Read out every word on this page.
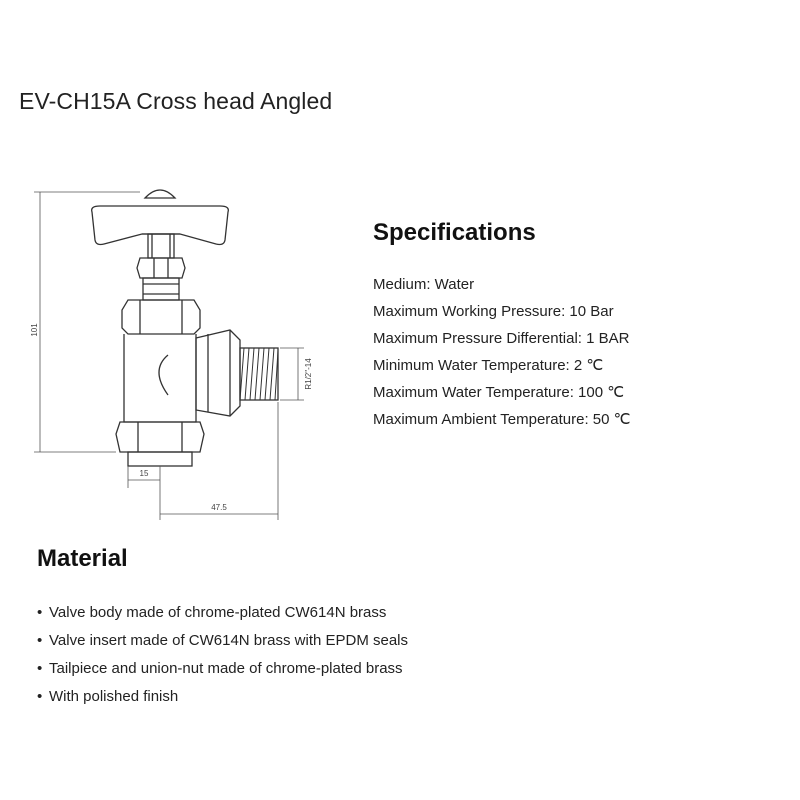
EV-CH15A Cross head Angled
101
R1/2"-14
15
47.5
Specifications
Medium: Water
Maximum Working Pressure: 10 Bar
Maximum Pressure Differential: 1 BAR
Minimum Water Temperature: 2 ℃
Maximum Water Temperature: 100 ℃
Maximum Ambient Temperature: 50 ℃
Material
• Valve body made of chrome-plated CW614N brass
• Valve insert made of CW614N brass with EPDM seals
• Tailpiece and union-nut made of chrome-plated brass
• With polished finish
